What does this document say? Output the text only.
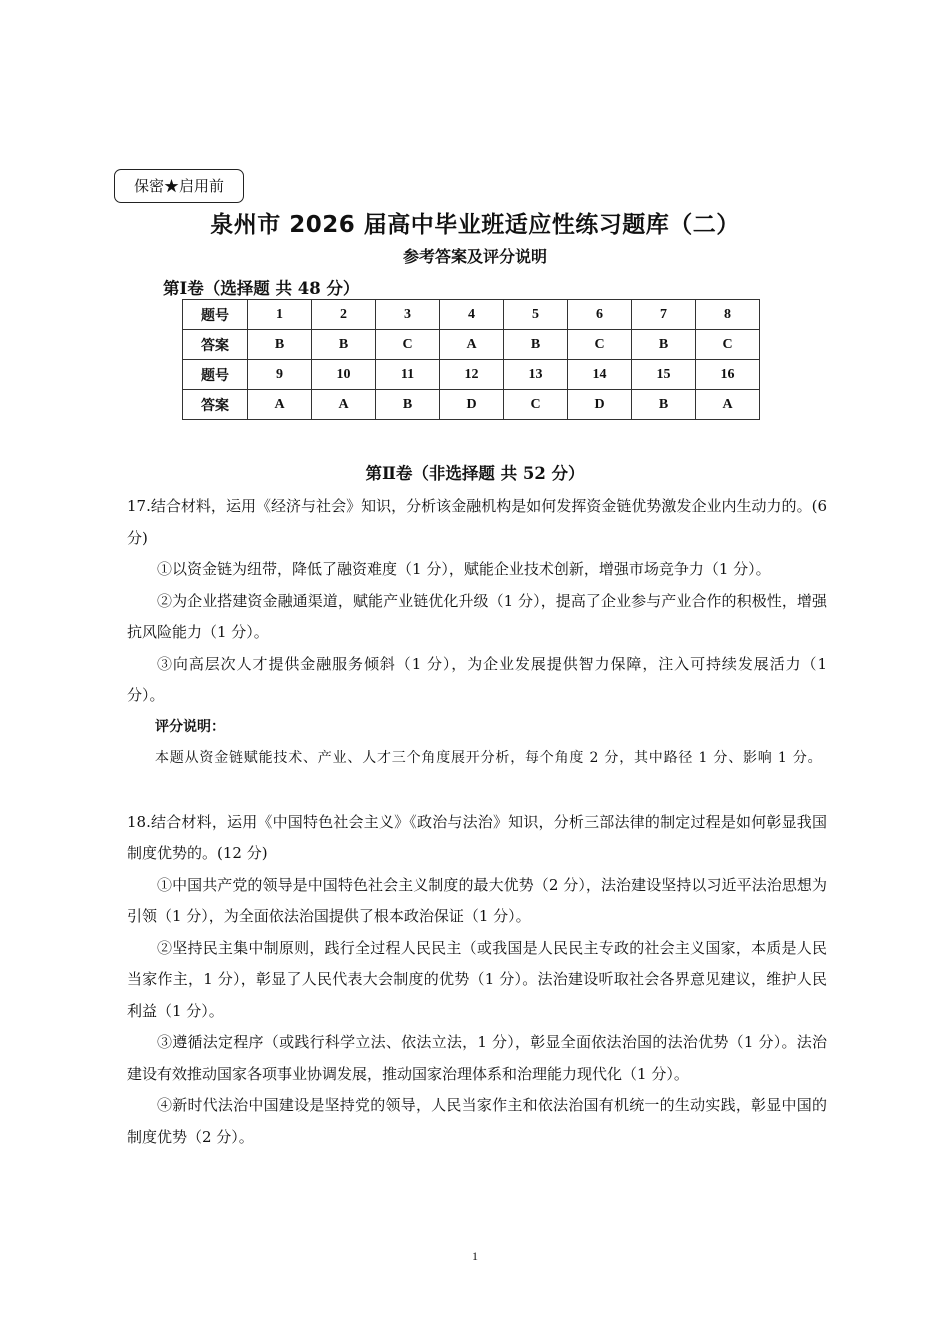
保密★启用前
泉州市 2026 届高中毕业班适应性练习题库（二）
参考答案及评分说明
第Ⅰ卷（选择题 共 48 分）
题号	1	2	3	4	5	6	7	8
答案	B	B	C	A	B	C	B	C
题号	9	10	11	12	13	14	15	16
答案	A	A	B	D	C	D	B	A
第Ⅱ卷（非选择题 共 52 分）

17.结合材料，运用《经济与社会》知识，分析该金融机构是如何发挥资金链优势激发企业内生动力的。(6 分)

①以资金链为纽带，降低了融资难度（1 分），赋能企业技术创新，增强市场竞争力（1 分）。

②为企业搭建资金融通渠道，赋能产业链优化升级（1 分），提高了企业参与产业合作的积极性，增强抗风险能力（1 分）。

③向高层次人才提供金融服务倾斜（1 分），为企业发展提供智力保障，注入可持续发展活力（1 分）。

评分说明：

本题从资金链赋能技术、产业、人才三个角度展开分析，每个角度 2 分，其中路径 1 分、影响 1 分。

18.结合材料，运用《中国特色社会主义》《政治与法治》知识，分析三部法律的制定过程是如何彰显我国制度优势的。(12 分)

①中国共产党的领导是中国特色社会主义制度的最大优势（2 分），法治建设坚持以习近平法治思想为引领（1 分），为全面依法治国提供了根本政治保证（1 分）。

②坚持民主集中制原则，践行全过程人民民主（或我国是人民民主专政的社会主义国家，本质是人民当家作主，1 分），彰显了人民代表大会制度的优势（1 分）。法治建设听取社会各界意见建议，维护人民利益（1 分）。

③遵循法定程序（或践行科学立法、依法立法，1 分），彰显全面依法治国的法治优势（1 分）。法治建设有效推动国家各项事业协调发展，推动国家治理体系和治理能力现代化（1 分）。

④新时代法治中国建设是坚持党的领导，人民当家作主和依法治国有机统一的生动实践，彰显中国的制度优势（2 分）。

1
